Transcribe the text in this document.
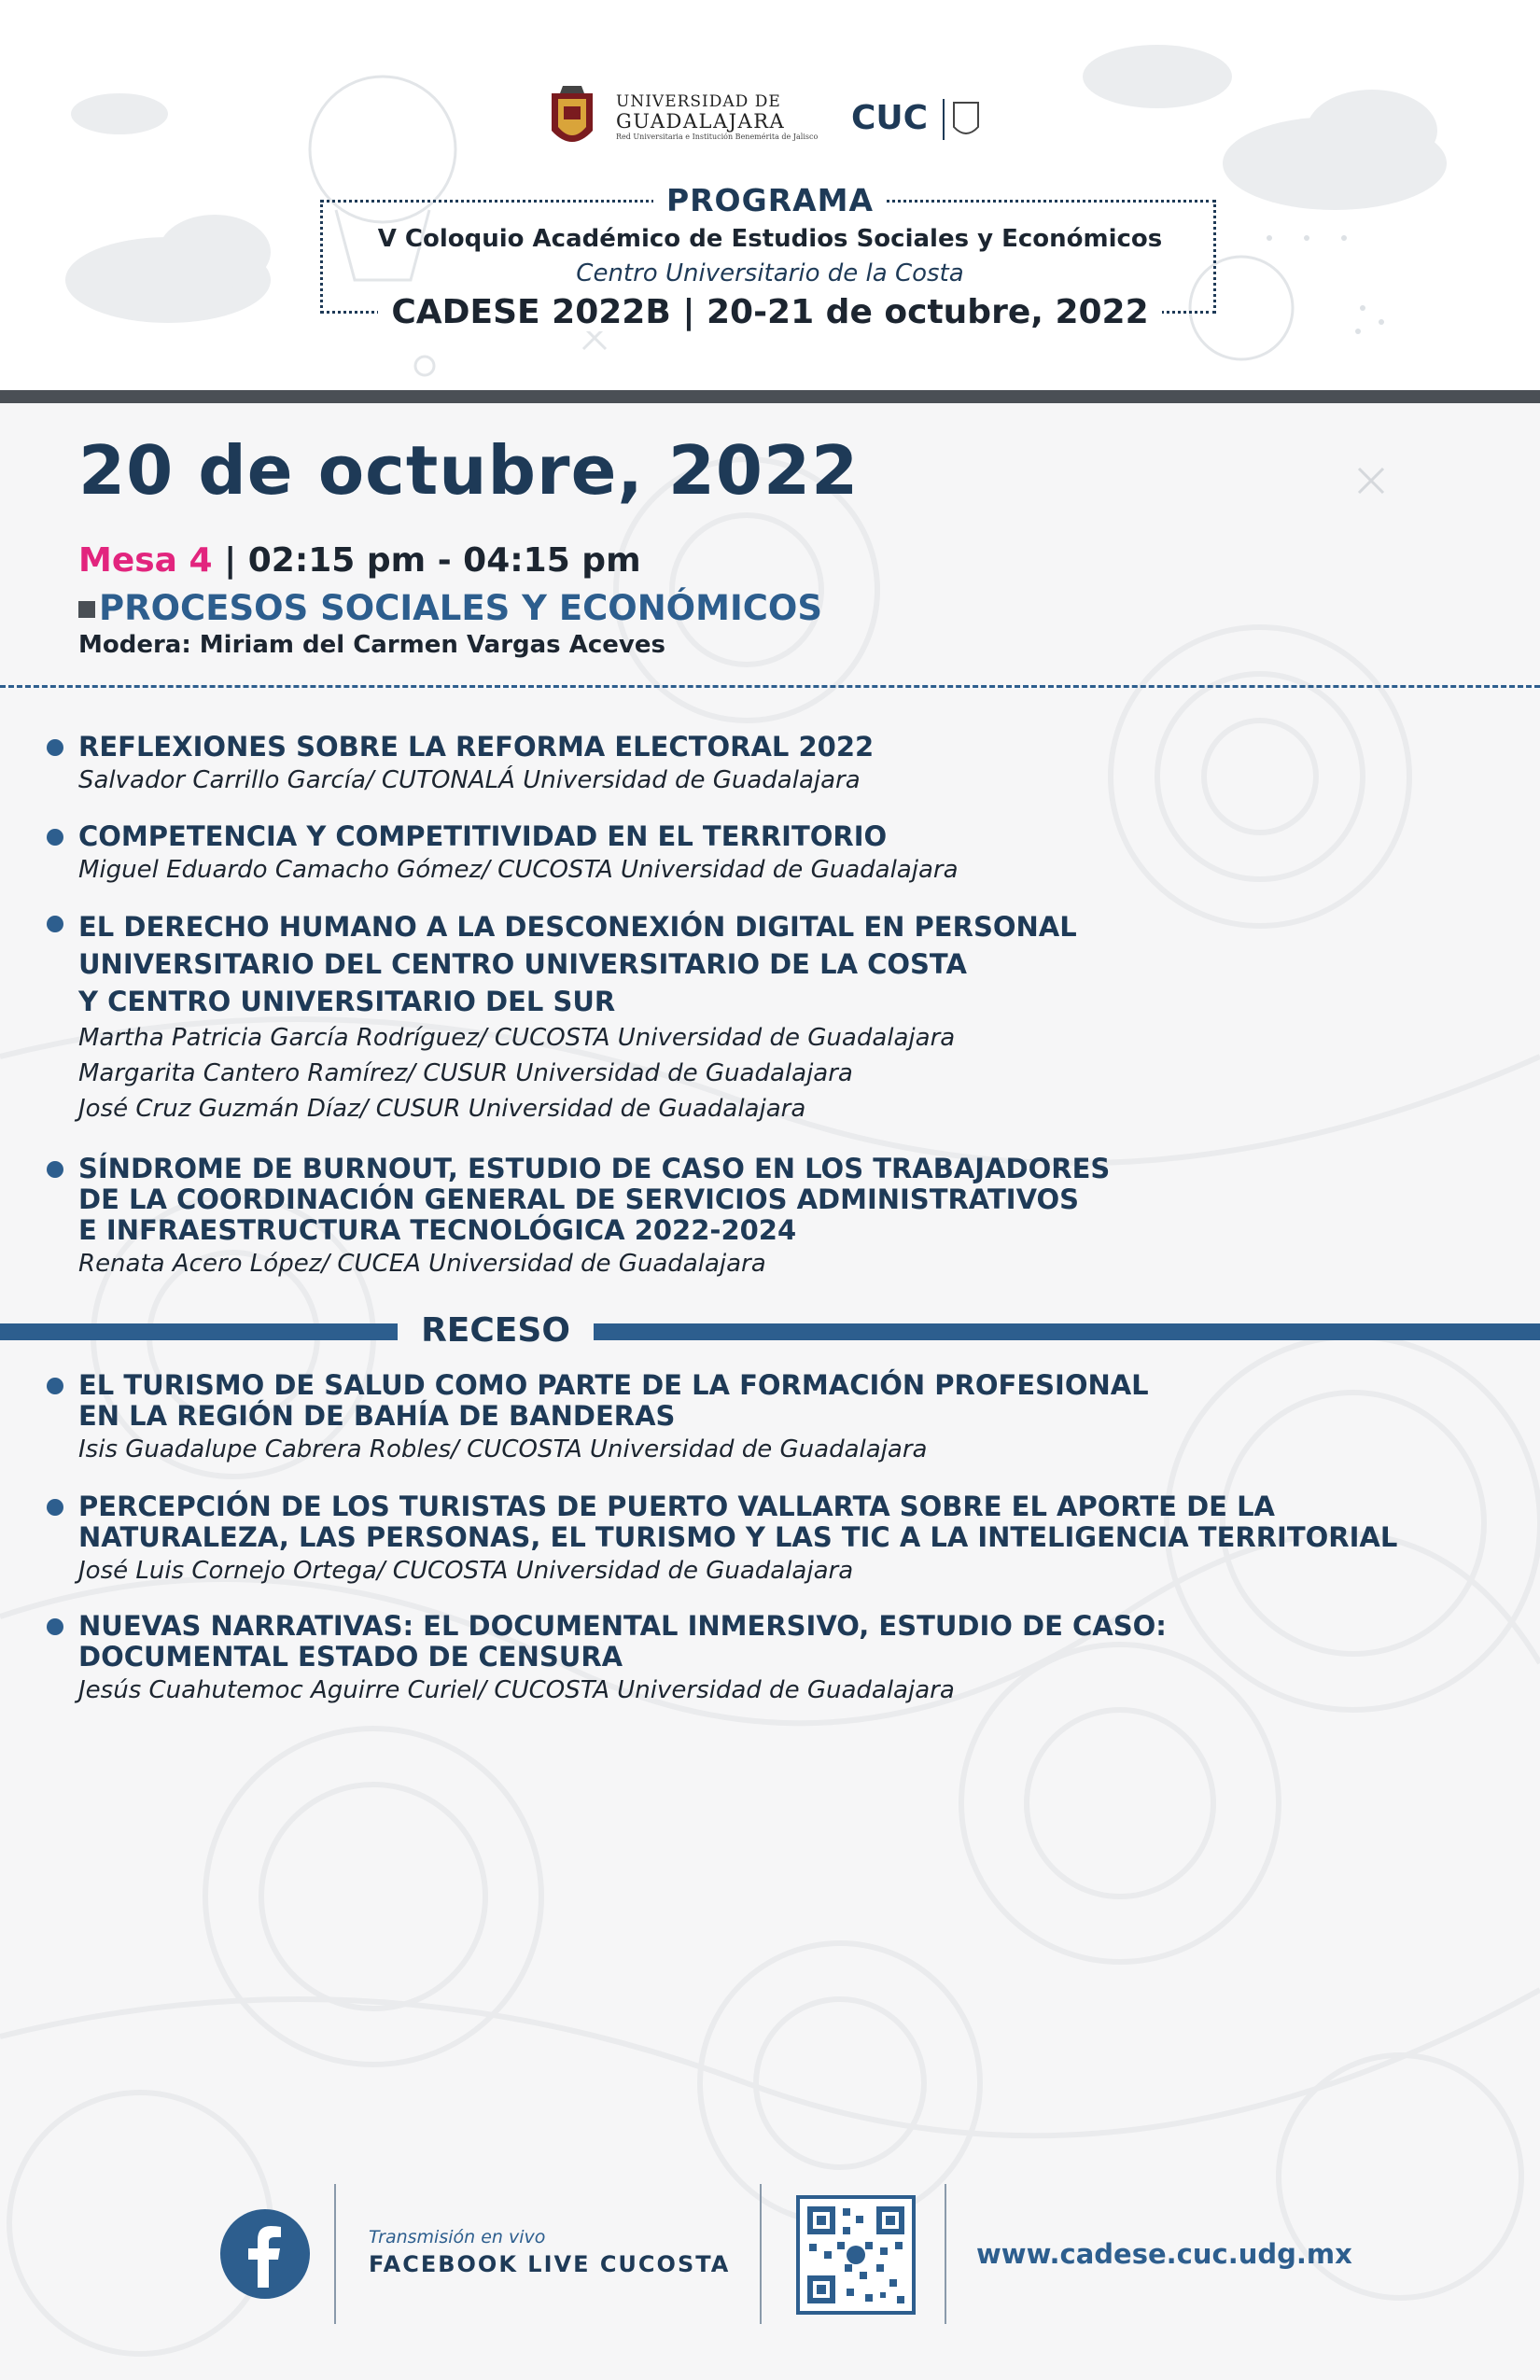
UNIVERSIDAD DE
GUADALAJARA
Red Universitaria e Institución Benemérita de Jalisco CUC
PROGRAMA
V Coloquio Académico de Estudios Sociales y Económicos
Centro Universitario de la Costa
CADESE 2022B | 20-21 de octubre, 2022
20 de octubre, 2022
Mesa 4 | 02:15 pm - 04:15 pm
PROCESOS SOCIALES Y ECONÓMICOS
Modera: Miriam del Carmen Vargas Aceves
REFLEXIONES SOBRE LA REFORMA ELECTORAL 2022
Salvador Carrillo García/ CUTONALÁ Universidad de Guadalajara
COMPETENCIA Y COMPETITIVIDAD EN EL TERRITORIO
Miguel Eduardo Camacho Gómez/ CUCOSTA Universidad de Guadalajara
EL DERECHO HUMANO A LA DESCONEXIÓN DIGITAL EN PERSONAL
UNIVERSITARIO DEL CENTRO UNIVERSITARIO DE LA COSTA
Y CENTRO UNIVERSITARIO DEL SUR
Martha Patricia García Rodríguez/ CUCOSTA Universidad de Guadalajara
Margarita Cantero Ramírez/ CUSUR Universidad de Guadalajara
José Cruz Guzmán Díaz/ CUSUR Universidad de Guadalajara
SÍNDROME DE BURNOUT, ESTUDIO DE CASO EN LOS TRABAJADORES
DE LA COORDINACIÓN GENERAL DE SERVICIOS ADMINISTRATIVOS
E INFRAESTRUCTURA TECNOLÓGICA 2022-2024
Renata Acero López/ CUCEA Universidad de Guadalajara
RECESO
EL TURISMO DE SALUD COMO PARTE DE LA FORMACIÓN PROFESIONAL
EN LA REGIÓN DE BAHÍA DE BANDERAS
Isis Guadalupe Cabrera Robles/ CUCOSTA Universidad de Guadalajara
PERCEPCIÓN DE LOS TURISTAS DE PUERTO VALLARTA SOBRE EL APORTE DE LA
NATURALEZA, LAS PERSONAS, EL TURISMO Y LAS TIC A LA INTELIGENCIA TERRITORIAL
José Luis Cornejo Ortega/ CUCOSTA Universidad de Guadalajara
NUEVAS NARRATIVAS: EL DOCUMENTAL INMERSIVO, ESTUDIO DE CASO:
DOCUMENTAL ESTADO DE CENSURA
Jesús Cuahutemoc Aguirre Curiel/ CUCOSTA Universidad de Guadalajara
Transmisión en vivo
FACEBOOK LIVE CUCOSTA	www.cadese.cuc.udg.mx
